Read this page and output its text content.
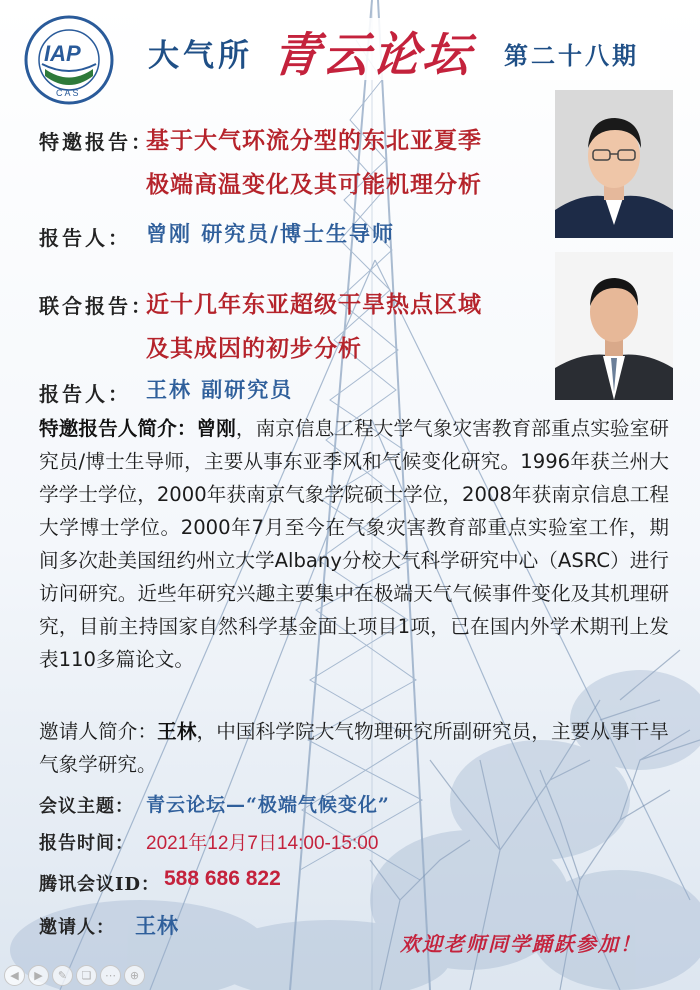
IAP
CAS
大气所 青云论坛 第二十八期
特邀报告：
基于大气环流分型的东北亚夏季
极端高温变化及其可能机理分析
报告人： 曾刚 研究员/博士生导师
联合报告：
近十几年东亚超级干旱热点区域
及其成因的初步分析
报告人： 王林 副研究员
特邀报告人简介：曾刚，南京信息工程大学气象灾害教育部重点实验室研究员/博士生导师，主要从事东亚季风和气候变化研究。1996年获兰州大学学士学位，2000年获南京气象学院硕士学位，2008年获南京信息工程大学博士学位。2000年7月至今在气象灾害教育部重点实验室工作，期间多次赴美国纽约州立大学Albany分校大气科学研究中心（ASRC）进行访问研究。近些年研究兴趣主要集中在极端天气气候事件变化及其机理研究，目前主持国家自然科学基金面上项目1项，已在国内外学术期刊上发表110多篇论文。
邀请人简介：王林，中国科学院大气物理研究所副研究员，主要从事干旱气象学研究。
会议主题： 青云论坛—“极端气候变化”
报告时间： 2021年12月7日14:00-15:00
腾讯会议ID： 588 686 822
邀请人： 王林
欢迎老师同学踊跃参加！
◀	▶	✎	❏	⋯	⊕
